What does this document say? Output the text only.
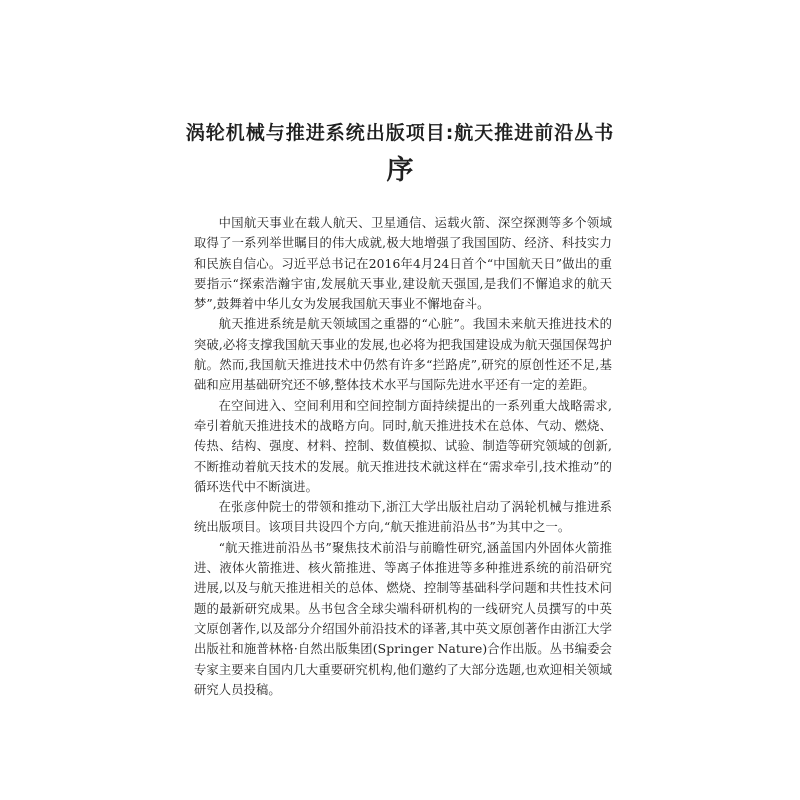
涡轮机械与推进系统出版项目:航天推进前沿丛书
序

中国航天事业在载人航天、卫星通信、运载火箭、深空探测等多个领域取得了一系列举世瞩目的伟大成就,极大地增强了我国国防、经济、科技实力和民族自信心。习近平总书记在2016年4月24日首个“中国航天日”做出的重要指示“探索浩瀚宇宙,发展航天事业,建设航天强国,是我们不懈追求的航天梦”,鼓舞着中华儿女为发展我国航天事业不懈地奋斗。

航天推进系统是航天领域国之重器的“心脏”。我国未来航天推进技术的突破,必将支撑我国航天事业的发展,也必将为把我国建设成为航天强国保驾护航。然而,我国航天推进技术中仍然有许多“拦路虎”,研究的原创性还不足,基础和应用基础研究还不够,整体技术水平与国际先进水平还有一定的差距。

在空间进入、空间利用和空间控制方面持续提出的一系列重大战略需求,牵引着航天推进技术的战略方向。同时,航天推进技术在总体、气动、燃烧、传热、结构、强度、材料、控制、数值模拟、试验、制造等研究领域的创新,不断推动着航天技术的发展。航天推进技术就这样在“需求牵引,技术推动”的循环迭代中不断演进。

在张彦仲院士的带领和推动下,浙江大学出版社启动了涡轮机械与推进系统出版项目。该项目共设四个方向,“航天推进前沿丛书”为其中之一。

“航天推进前沿丛书”聚焦技术前沿与前瞻性研究,涵盖国内外固体火箭推进、液体火箭推进、核火箭推进、等离子体推进等多种推进系统的前沿研究进展,以及与航天推进相关的总体、燃烧、控制等基础科学问题和共性技术问题的最新研究成果。丛书包含全球尖端科研机构的一线研究人员撰写的中英文原创著作,以及部分介绍国外前沿技术的译著,其中英文原创著作由浙江大学出版社和施普林格·自然出版集团(Springer Nature)合作出版。丛书编委会专家主要来自国内几大重要研究机构,他们邀约了大部分选题,也欢迎相关领域研究人员投稿。
